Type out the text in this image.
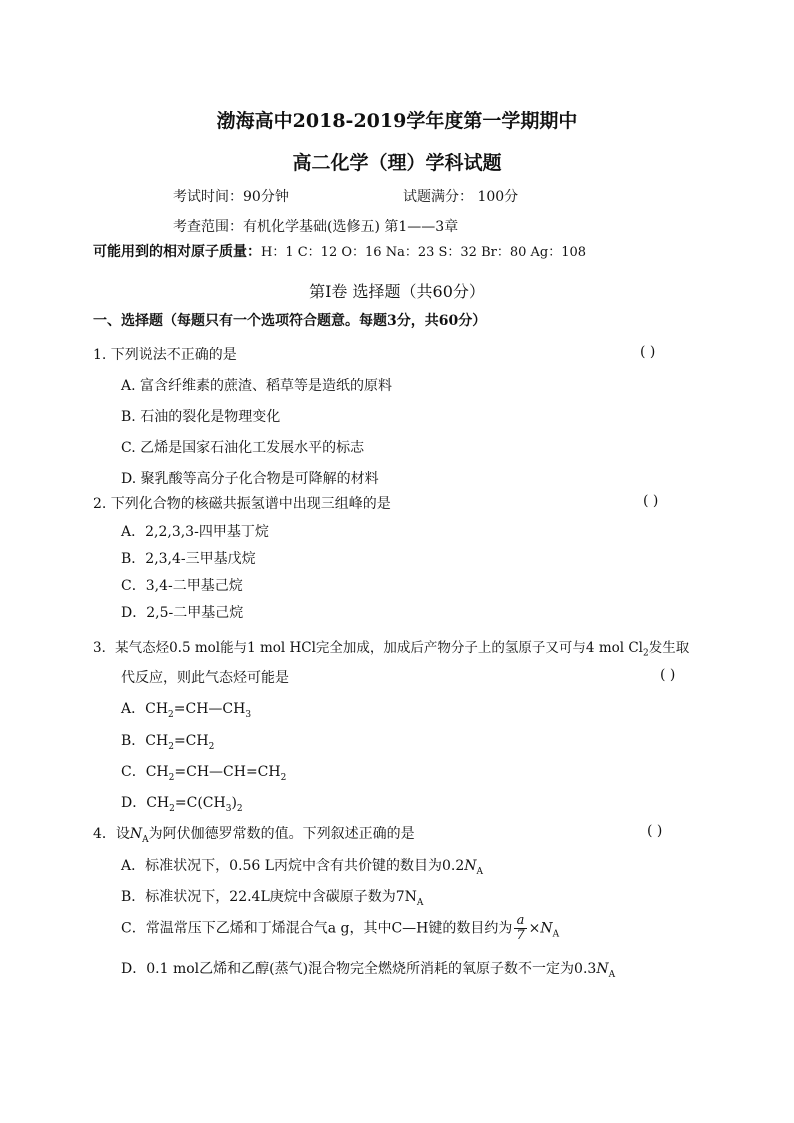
渤海高中2018-2019学年度第一学期期中
高二化学（理）学科试题
考试时间：90分钟	试题满分： 100分
考查范围：有机化学基础(选修五) 第1——3章
可能用到的相对原子质量：H：1 C：12 O：16 Na：23 S：32 Br：80 Ag：108
第Ⅰ卷 选择题（共60分）
一、选择题（每题只有一个选项符合题意。每题3分，共60分）
1. 下列说法不正确的是	( )
A. 富含纤维素的蔗渣、稻草等是造纸的原料
B. 石油的裂化是物理变化
C. 乙烯是国家石油化工发展水平的标志
D. 聚乳酸等高分子化合物是可降解的材料
2. 下列化合物的核磁共振氢谱中出现三组峰的是	( )
A．2,2,3,3-四甲基丁烷
B．2,3,4-三甲基戊烷
C．3,4-二甲基己烷
D．2,5-二甲基己烷
3．某气态烃0.5 mol能与1 mol HCl完全加成，加成后产物分子上的氢原子又可与4 mol $Cl_2$发生取
代反应，则此气态烃可能是	( )
A．$CH_2=CH—CH_3$
B．$CH_2=CH_2$
C．$CH_2=CH—CH=CH_2$
D．$CH_2=C(CH_3)_2$
4．设$N_A$为阿伏伽德罗常数的值。下列叙述正确的是	( )
A．标准状况下，0.56 L丙烷中含有共价键的数目为$0.2N_A$
B．标准状况下，22.4L庚烷中含碳原子数为$7N_A$
C．常温常压下乙烯和丁烯混合气a g，其中C—H键的数目约为 $\frac{a}{7} \times N_A$
D．0.1 mol乙烯和乙醇(蒸气)混合物完全燃烧所消耗的氧原子数不一定为$0.3N_A$
